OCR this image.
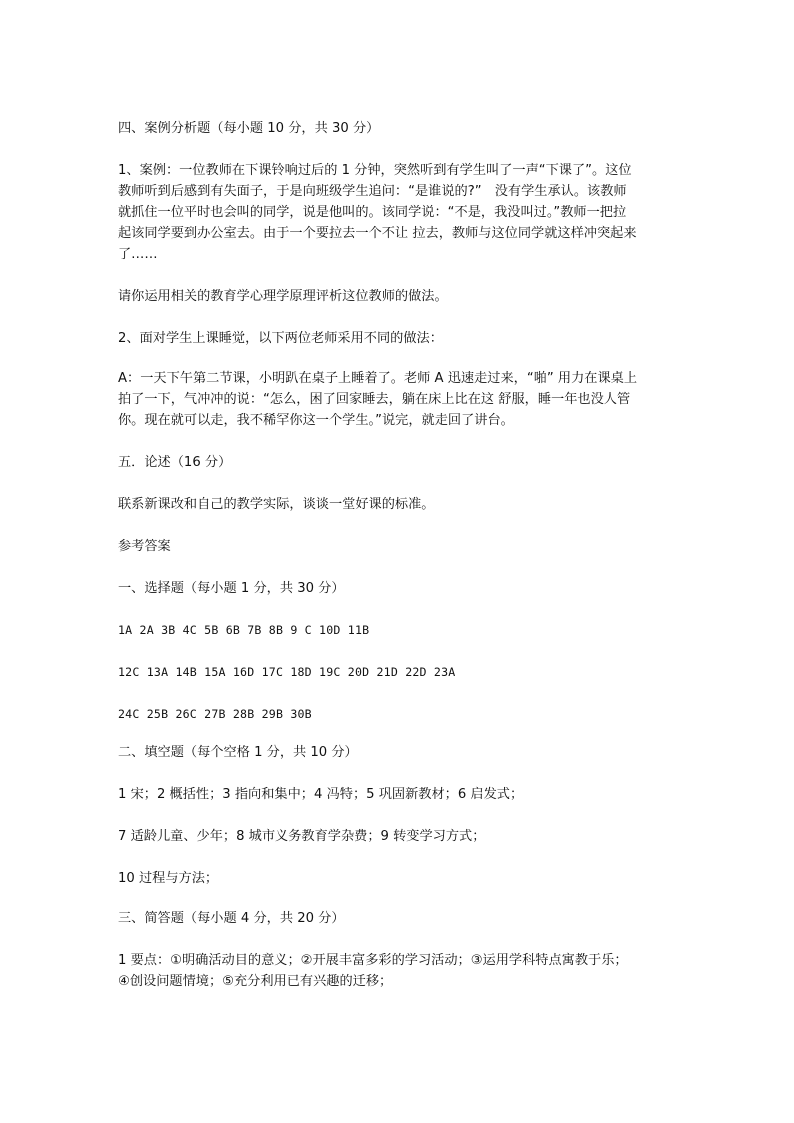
四、案例分析题（每小题 10 分，共 30 分）

1、案例：一位教师在下课铃响过后的 1 分钟，突然听到有学生叫了一声“下课了”。这位
教师听到后感到有失面子，于是向班级学生追问：“是谁说的?”　没有学生承认。该教师
就抓住一位平时也会叫的同学，说是他叫的。该同学说：“不是，我没叫过。”教师一把拉
起该同学要到办公室去。由于一个要拉去一个不让 拉去，教师与这位同学就这样冲突起来
了……

请你运用相关的教育学心理学原理评析这位教师的做法。

2、面对学生上课睡觉，以下两位老师采用不同的做法：

A：一天下午第二节课，小明趴在桌子上睡着了。老师 A 迅速走过来，“啪” 用力在课桌上
拍了一下，气冲冲的说：“怎么，困了回家睡去，躺在床上比在这 舒服，睡一年也没人管
你。现在就可以走，我不稀罕你这一个学生。”说完，就走回了讲台。

五．论述（16 分）

联系新课改和自己的教学实际，谈谈一堂好课的标准。

参考答案

一、选择题（每小题 1 分，共 30 分）

1A 2A 3B 4C 5B 6B 7B 8B 9 C 10D 11B

12C 13A 14B 15A 16D 17C 18D 19C 20D 21D 22D 23A

24C 25B 26C 27B 28B 29B 30B

二、填空题（每个空格 1 分，共 10 分）

1 宋；2 概括性；3 指向和集中；4 冯特；5 巩固新教材；6 启发式；

7 适龄儿童、少年；8 城市义务教育学杂费；9 转变学习方式；

10 过程与方法；

三、简答题（每小题 4 分，共 20 分）

1 要点：①明确活动目的意义；②开展丰富多彩的学习活动；③运用学科特点寓教于乐；
④创设问题情境；⑤充分利用已有兴趣的迁移；
